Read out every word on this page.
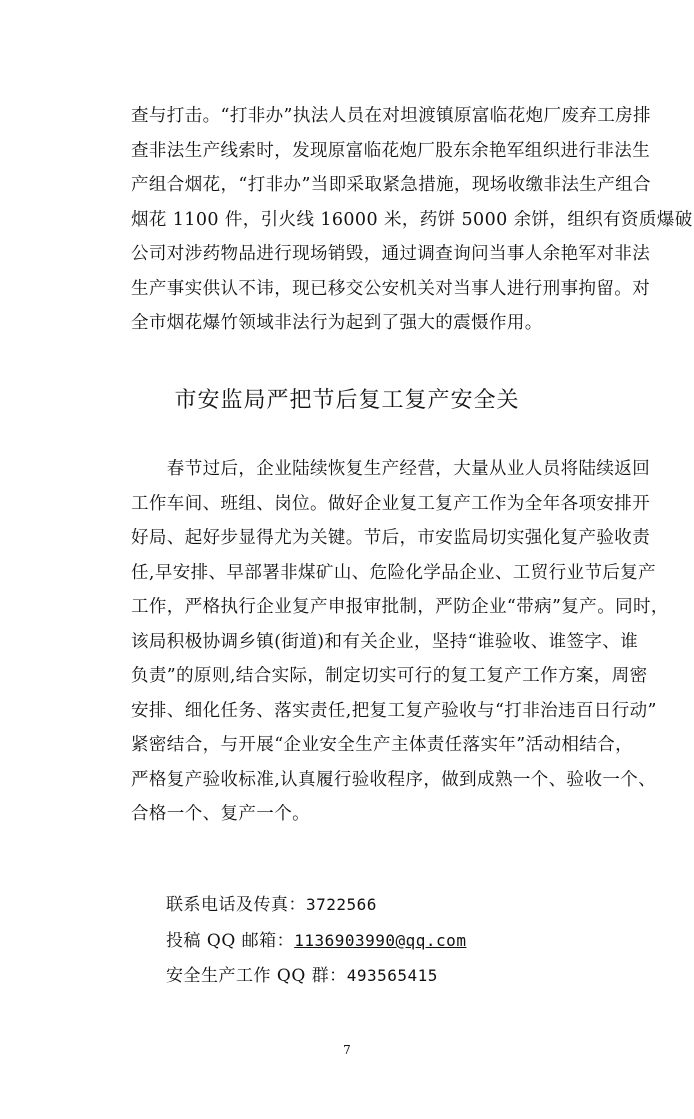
查与打击。“打非办”执法人员在对坦渡镇原富临花炮厂废弃工房排
查非法生产线索时，发现原富临花炮厂股东余艳军组织进行非法生
产组合烟花，“打非办”当即采取紧急措施，现场收缴非法生产组合
烟花 1100 件，引火线 16000 米，药饼 5000 余饼，组织有资质爆破
公司对涉药物品进行现场销毁，通过调查询问当事人余艳军对非法
生产事实供认不讳，现已移交公安机关对当事人进行刑事拘留。对
全市烟花爆竹领域非法行为起到了强大的震慑作用。
市安监局严把节后复工复产安全关
　　春节过后，企业陆续恢复生产经营，大量从业人员将陆续返回
工作车间、班组、岗位。做好企业复工复产工作为全年各项安排开
好局、起好步显得尤为关键。节后，市安监局切实强化复产验收责
任,早安排、早部署非煤矿山、危险化学品企业、工贸行业节后复产
工作，严格执行企业复产申报审批制，严防企业“带病”复产。同时，
该局积极协调乡镇(街道)和有关企业，坚持“谁验收、谁签字、谁
负责”的原则,结合实际，制定切实可行的复工复产工作方案，周密
安排、细化任务、落实责任,把复工复产验收与“打非治违百日行动”
紧密结合，与开展“企业安全生产主体责任落实年”活动相结合，
严格复产验收标准,认真履行验收程序，做到成熟一个、验收一个、
合格一个、复产一个。
联系电话及传真：3722566
投稿 QQ 邮箱：1136903990@qq.com
安全生产工作 QQ 群：493565415
7
